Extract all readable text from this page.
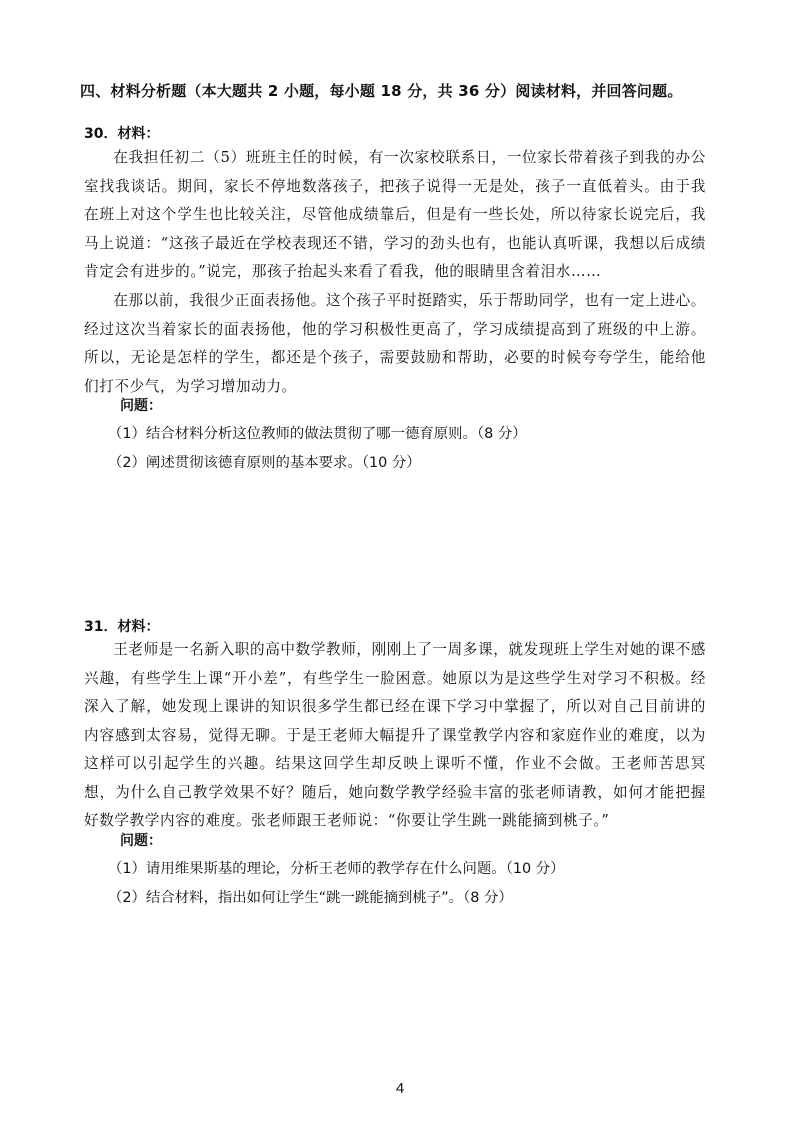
四、材料分析题（本大题共 2 小题，每小题 18 分，共 36 分）阅读材料，并回答问题。
30．材料：
在我担任初二（5）班班主任的时候，有一次家校联系日，一位家长带着孩子到我的办公室找我谈话。期间，家长不停地数落孩子，把孩子说得一无是处，孩子一直低着头。由于我在班上对这个学生也比较关注，尽管他成绩靠后，但是有一些长处，所以待家长说完后，我马上说道：“这孩子最近在学校表现还不错，学习的劲头也有，也能认真听课，我想以后成绩肯定会有进步的。”说完，那孩子抬起头来看了看我，他的眼睛里含着泪水……
在那以前，我很少正面表扬他。这个孩子平时挺踏实，乐于帮助同学，也有一定上进心。经过这次当着家长的面表扬他，他的学习积极性更高了，学习成绩提高到了班级的中上游。所以，无论是怎样的学生，都还是个孩子，需要鼓励和帮助，必要的时候夸夸学生，能给他们打不少气，为学习增加动力。
问题：
（1）结合材料分析这位教师的做法贯彻了哪一德育原则。（8 分）
（2）阐述贯彻该德育原则的基本要求。（10 分）
31．材料：
王老师是一名新入职的高中数学教师，刚刚上了一周多课，就发现班上学生对她的课不感兴趣，有些学生上课“开小差”，有些学生一脸困意。她原以为是这些学生对学习不积极。经深入了解，她发现上课讲的知识很多学生都已经在课下学习中掌握了，所以对自己目前讲的内容感到太容易，觉得无聊。于是王老师大幅提升了课堂教学内容和家庭作业的难度，以为这样可以引起学生的兴趣。结果这回学生却反映上课听不懂，作业不会做。王老师苦思冥想，为什么自己教学效果不好？随后，她向数学教学经验丰富的张老师请教，如何才能把握好数学教学内容的难度。张老师跟王老师说：“你要让学生跳一跳能摘到桃子。”
问题：
（1）请用维果斯基的理论，分析王老师的教学存在什么问题。（10 分）
（2）结合材料，指出如何让学生“跳一跳能摘到桃子”。（8 分）
4
